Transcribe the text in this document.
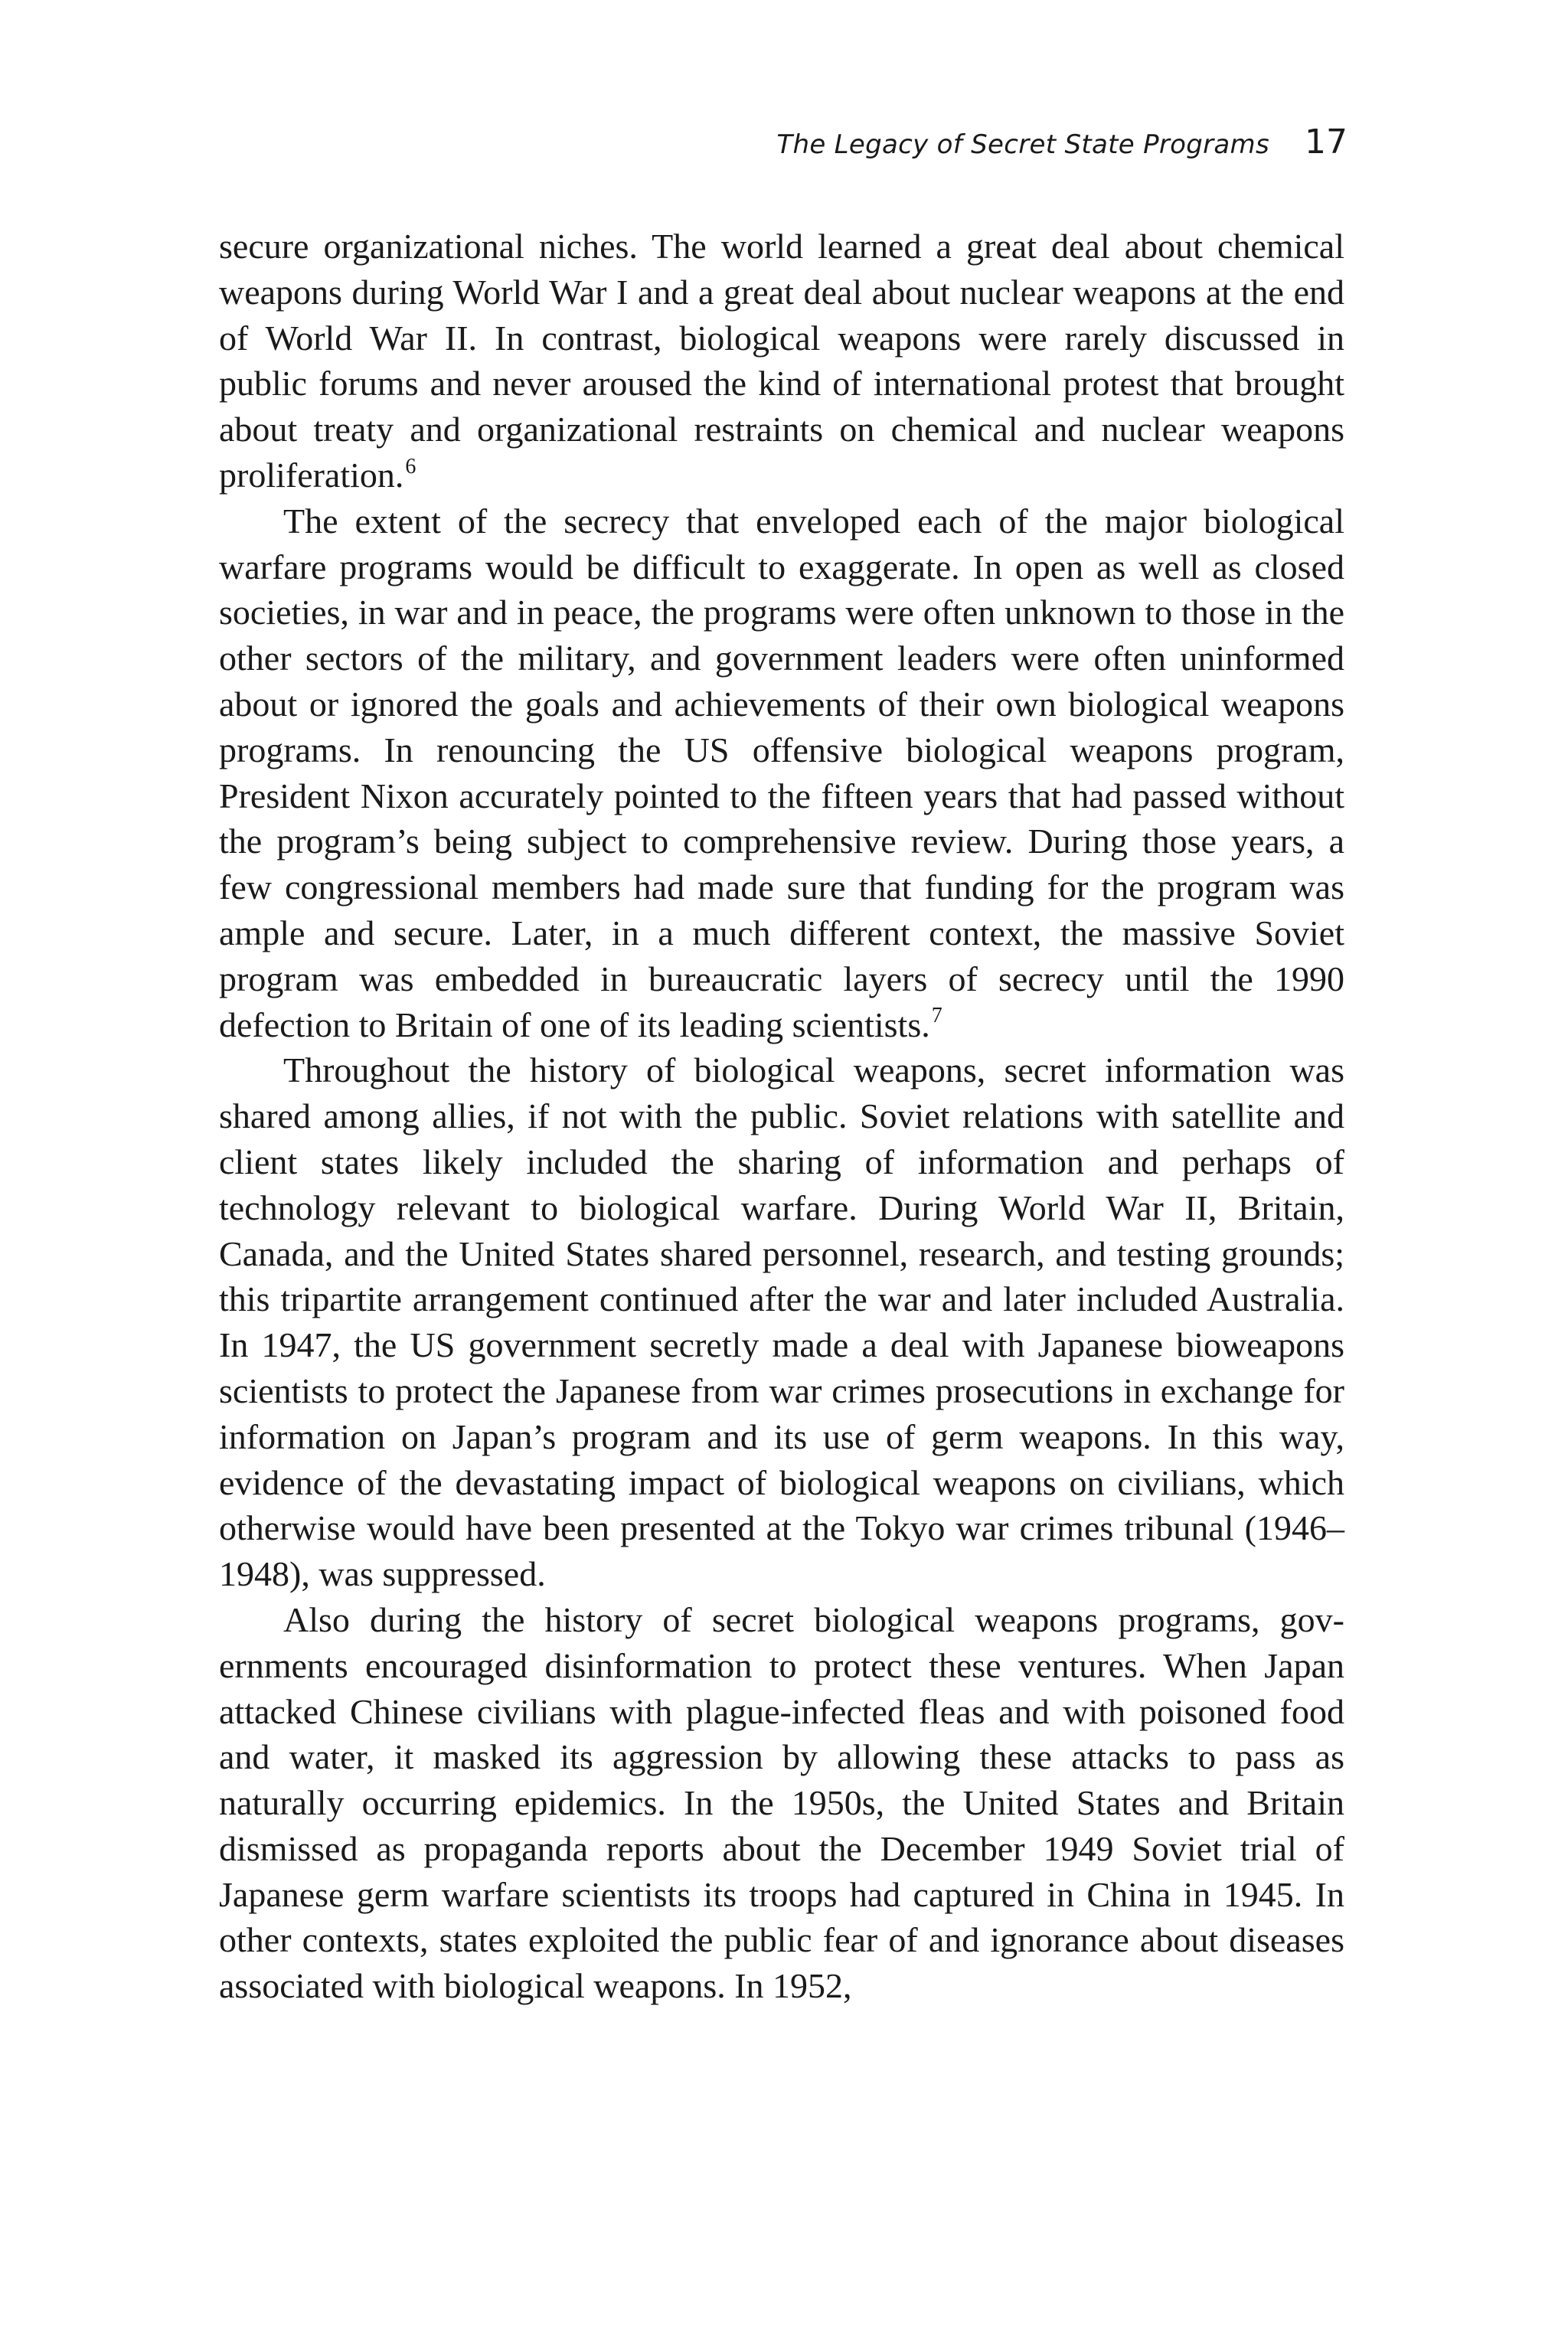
The Legacy of Secret State Programs 17

secure organizational niches. The world learned a great deal about chemical weapons during World War I and a great deal about nuclear weapons at the end of World War II. In contrast, biological weapons were rarely discussed in public forums and never aroused the kind of international protest that brought about treaty and organizational restraints on chemical and nuclear weapons proliferation.$^6$

The extent of the secrecy that enveloped each of the major biological warfare programs would be difficult to exaggerate. In open as well as closed societies, in war and in peace, the programs were often unknown to those in the other sectors of the military, and government leaders were often uninformed about or ignored the goals and achievements of their own biological weapons programs. In renouncing the US offensive biological weapons program, President Nixon accurately pointed to the fifteen years that had passed without the program’s being subject to comprehensive review. During those years, a few congressional members had made sure that funding for the program was ample and secure. Later, in a much different context, the massive Soviet program was embedded in bureaucratic layers of secrecy until the 1990 defection to Britain of one of its leading scientists.$^7$

Throughout the history of biological weapons, secret information was shared among allies, if not with the public. Soviet relations with satellite and client states likely included the sharing of information and perhaps of technology relevant to biological warfare. During World War II, Britain, Canada, and the United States shared personnel, research, and testing grounds; this tripartite arrangement continued after the war and later included Australia. In 1947, the US government secretly made a deal with Japanese bioweapons scientists to protect the Japanese from war crimes prosecutions in exchange for information on Japan’s program and its use of germ weapons. In this way, evidence of the devastating impact of biological weapons on civilians, which otherwise would have been presented at the Tokyo war crimes tribunal (1946–1948), was suppressed.

Also during the history of secret biological weapons programs, governments encouraged disinformation to protect these ventures. When Japan attacked Chinese civilians with plague-infected fleas and with poisoned food and water, it masked its aggression by allowing these attacks to pass as naturally occurring epidemics. In the 1950s, the United States and Britain dismissed as propaganda reports about the December 1949 Soviet trial of Japanese germ warfare scientists its troops had captured in China in 1945. In other contexts, states exploited the public fear of and ignorance about diseases associated with biological weapons. In 1952,
